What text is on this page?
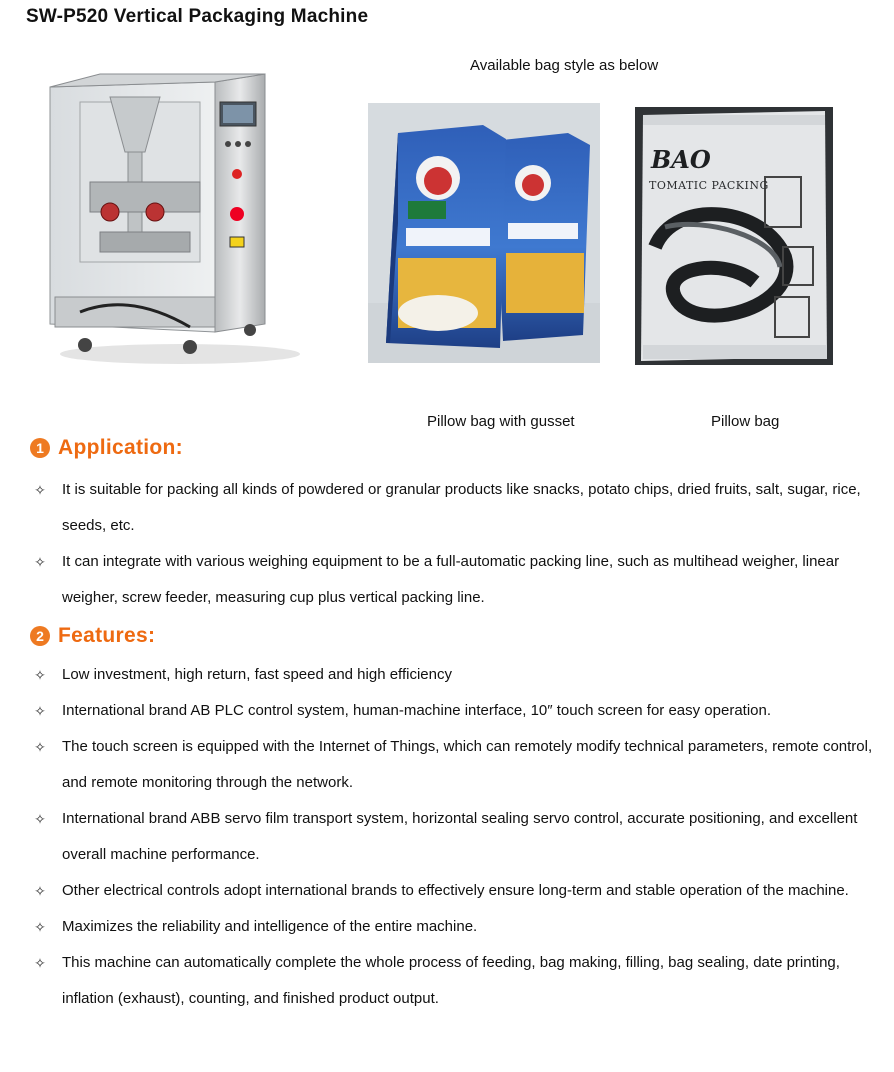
SW-P520 Vertical Packaging Machine
Available bag style as below
BAO
TOMATIC PACKING
Pillow bag with gusset	Pillow bag
1 Application:
✧ It is suitable for packing all kinds of powdered or granular products like snacks, potato chips, dried fruits, salt, sugar, rice, seeds, etc.
✧ It can integrate with various weighing equipment to be a full-automatic packing line, such as multihead weigher, linear weigher, screw feeder, measuring cup plus vertical packing line.
2 Features:
✧ Low investment, high return, fast speed and high efficiency
✧ International brand AB PLC control system, human-machine interface, 10″ touch screen for easy operation.
✧ The touch screen is equipped with the Internet of Things, which can remotely modify technical parameters, remote control, and remote monitoring through the network.
✧ International brand ABB servo film transport system, horizontal sealing servo control, accurate positioning, and excellent overall machine performance.
✧ Other electrical controls adopt international brands to effectively ensure long-term and stable operation of the machine.
✧ Maximizes the reliability and intelligence of the entire machine.
✧ This machine can automatically complete the whole process of feeding, bag making, filling, bag sealing, date printing, inflation (exhaust), counting, and finished product output.
